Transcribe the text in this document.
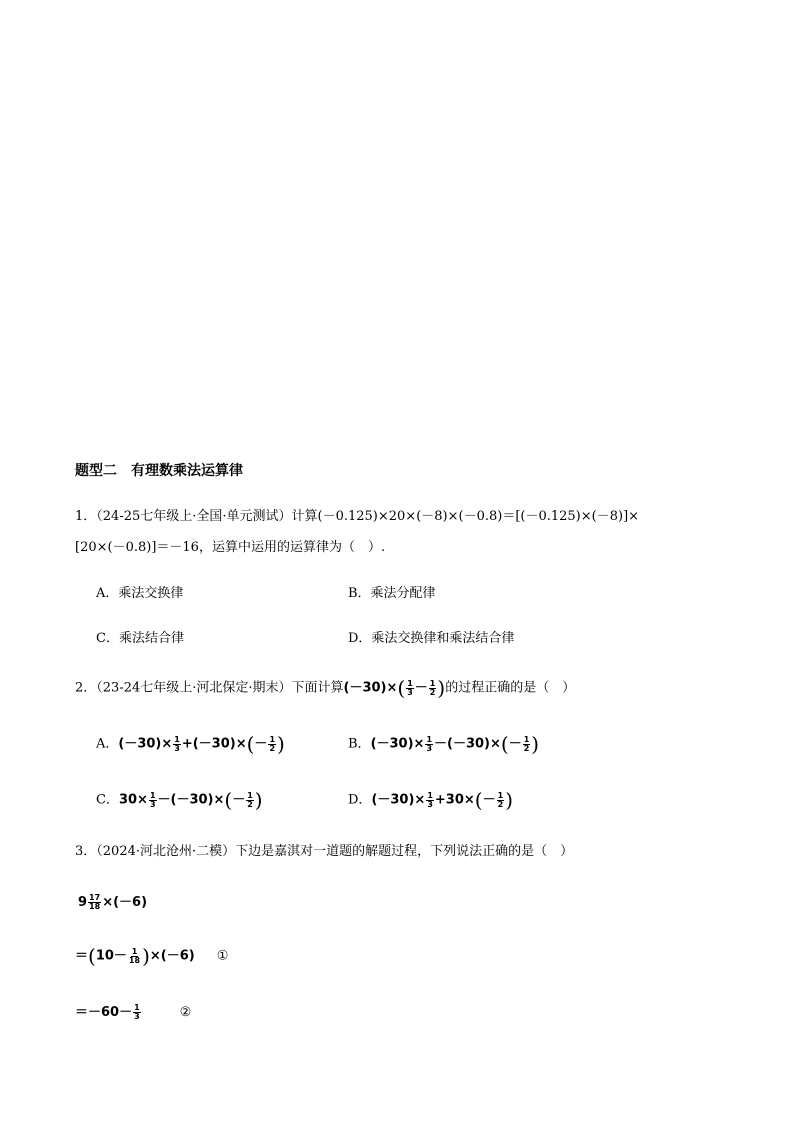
题型二　有理数乘法运算律
1．（24-25七年级上·全国·单元测试）计算(－0.125)×20×(－8)×(－0.8)＝[(－0.125)×(－8)]×
[20×(－0.8)]＝－16，运算中运用的运算律为（　）.
A．乘法交换律	B．乘法分配律
C．乘法结合律	D．乘法交换律和乘法结合律
2．（23-24七年级上·河北保定·期末）下面计算$(-30)\times( \frac{1}{3} - \frac{1}{2}$ )的过程正确的是（　）
A．$(-30)\times \frac{1}{3} +(-30)\times(- \frac{1}{2}$ )	B．$(-30)\times \frac{1}{3} -(-30)\times(- \frac{1}{2}$ )
C．$30\times \frac{1}{3} -(-30)\times(- \frac{1}{2}$ )	D．$(-30)\times \frac{1}{3} +30\times(- \frac{1}{2}$ )
3．（2024·河北沧州·二模）下边是嘉淇对一道题的解题过程，下列说法正确的是（　）
$9 \frac{17}{18} \times(-6)$
$=(10- \frac{1}{18} )\times(-6)$ ①
$=-60- \frac{1}{3}$	②
